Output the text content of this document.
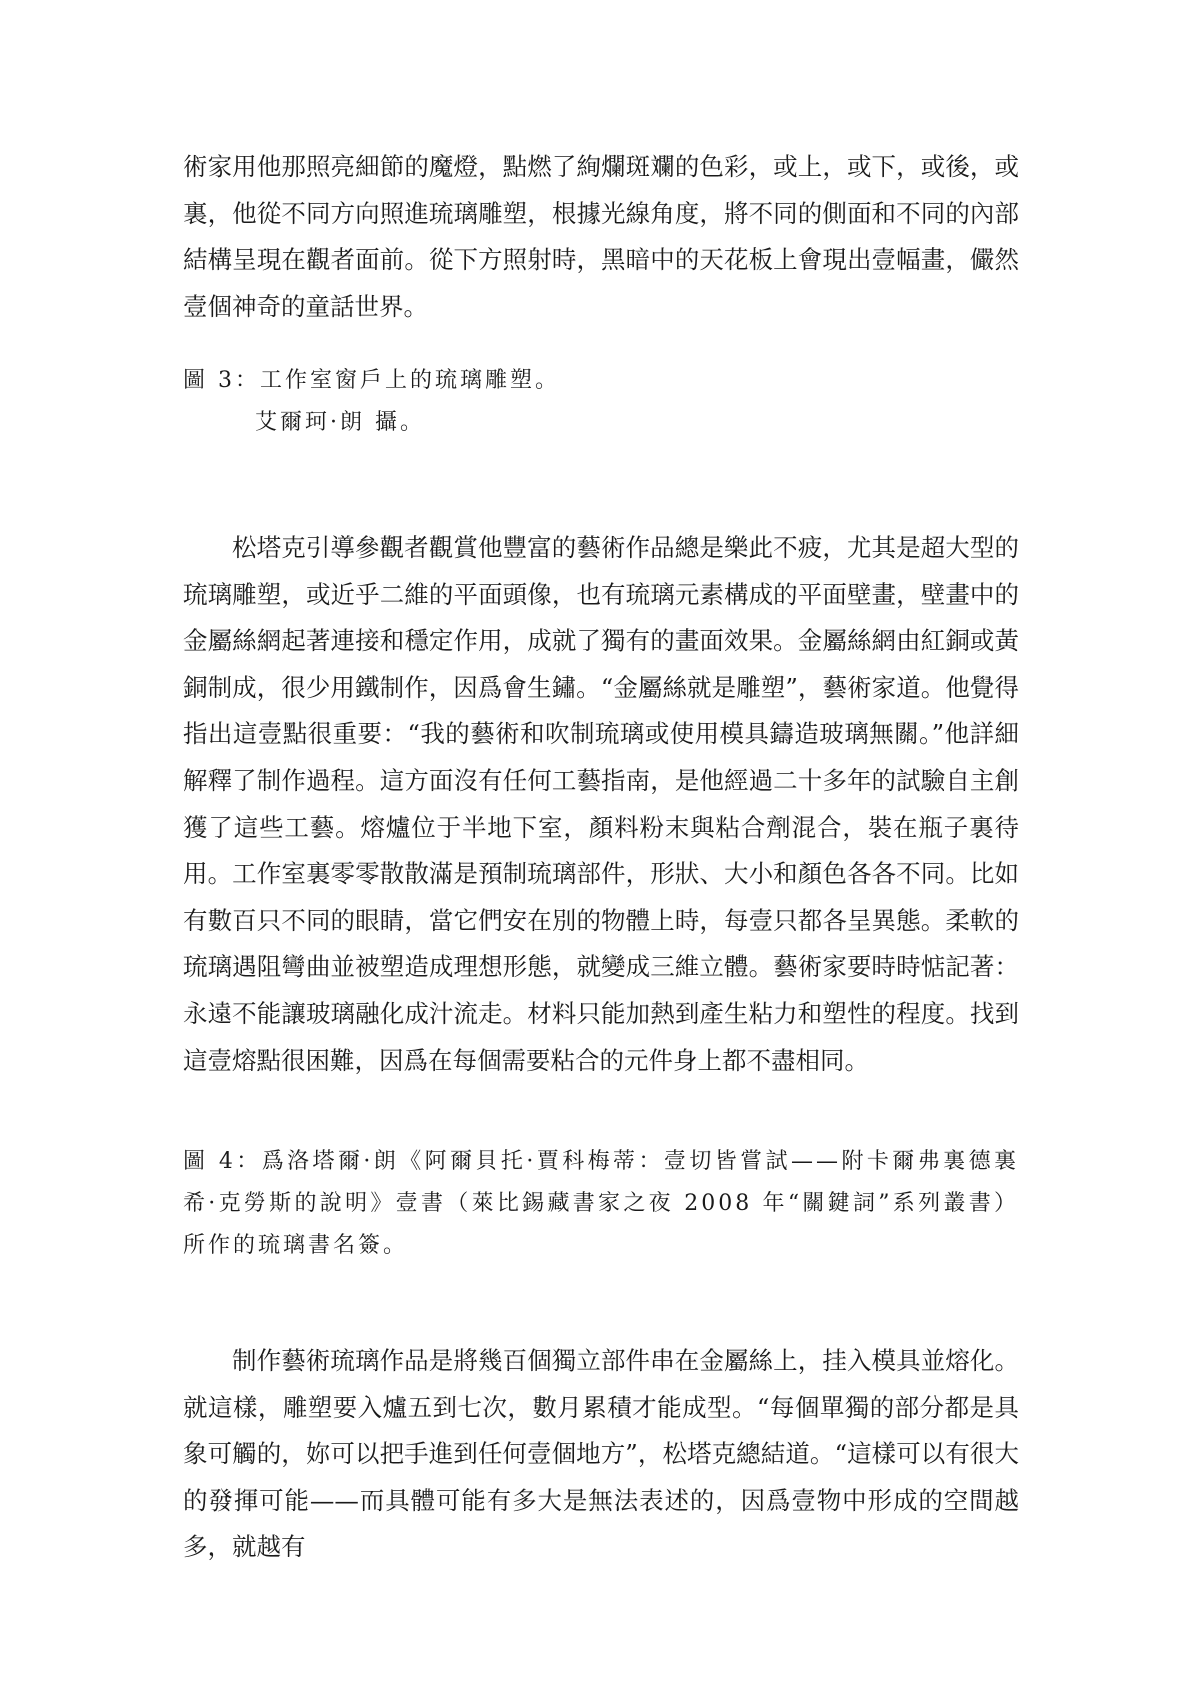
術家用他那照亮細節的魔燈，點燃了絢爛斑斕的色彩，或上，或下，或後，或裏，他從不同方向照進琉璃雕塑，根據光線角度，將不同的側面和不同的內部結構呈現在觀者面前。從下方照射時，黑暗中的天花板上會現出壹幅畫，儼然壹個神奇的童話世界。

圖 3：工作室窗戶上的琉璃雕塑。

艾爾珂·朗 攝。

松塔克引導參觀者觀賞他豐富的藝術作品總是樂此不疲，尤其是超大型的琉璃雕塑，或近乎二維的平面頭像，也有琉璃元素構成的平面壁畫，壁畫中的金屬絲網起著連接和穩定作用，成就了獨有的畫面效果。金屬絲網由紅銅或黃銅制成，很少用鐵制作，因爲會生鏽。“金屬絲就是雕塑”，藝術家道。他覺得指出這壹點很重要：“我的藝術和吹制琉璃或使用模具鑄造玻璃無關。”他詳細解釋了制作過程。這方面沒有任何工藝指南，是他經過二十多年的試驗自主創獲了這些工藝。熔爐位于半地下室，顏料粉末與粘合劑混合，裝在瓶子裏待用。工作室裏零零散散滿是預制琉璃部件，形狀、大小和顏色各各不同。比如有數百只不同的眼睛，當它們安在別的物體上時，每壹只都各呈異態。柔軟的琉璃遇阻彎曲並被塑造成理想形態，就變成三維立體。藝術家要時時惦記著：永遠不能讓玻璃融化成汁流走。材料只能加熱到產生粘力和塑性的程度。找到這壹熔點很困難，因爲在每個需要粘合的元件身上都不盡相同。

圖 4：爲洛塔爾·朗《阿爾貝托·賈科梅蒂：壹切皆嘗試——附卡爾弗裏德裏希·克勞斯的說明》壹書（萊比錫藏書家之夜 2008 年“關鍵詞”系列叢書）所作的琉璃書名簽。

制作藝術琉璃作品是將幾百個獨立部件串在金屬絲上，挂入模具並熔化。就這樣，雕塑要入爐五到七次，數月累積才能成型。“每個單獨的部分都是具象可觸的，妳可以把手進到任何壹個地方”，松塔克總結道。“這樣可以有很大的發揮可能——而具體可能有多大是無法表述的，因爲壹物中形成的空間越多，就越有
